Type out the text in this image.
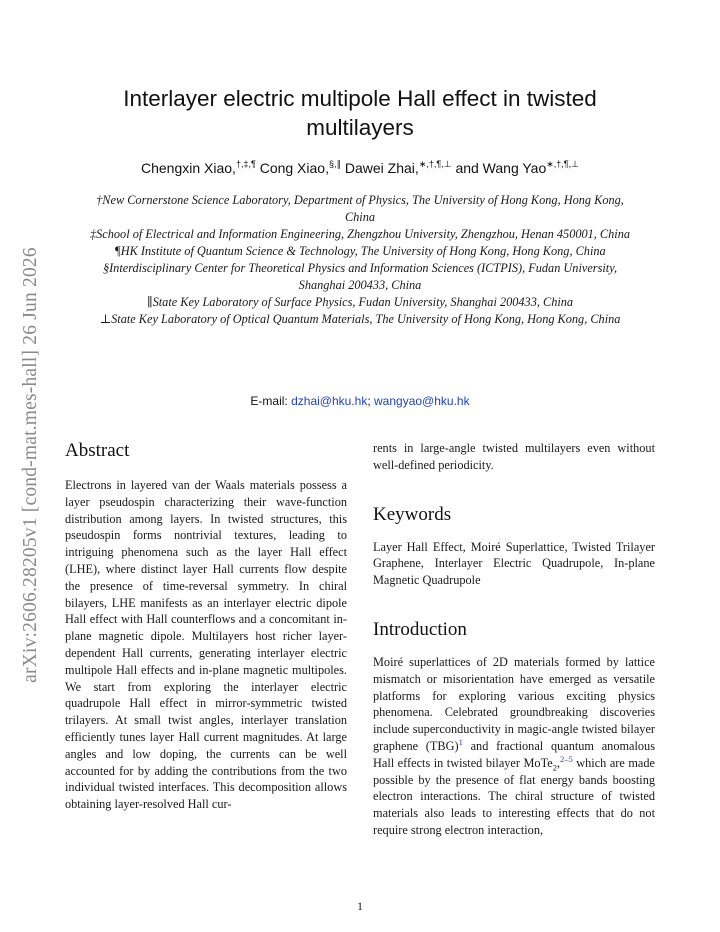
arXiv:2606.28205v1 [cond-mat.mes-hall] 26 Jun 2026
Interlayer electric multipole Hall effect in twisted multilayers
Chengxin Xiao,†,‡,¶ Cong Xiao,§,∥ Dawei Zhai,∗,†,¶,⊥ and Wang Yao∗,†,¶,⊥

†New Cornerstone Science Laboratory, Department of Physics, The University of Hong Kong, Hong Kong, China

‡School of Electrical and Information Engineering, Zhengzhou University, Zhengzhou, Henan 450001, China

¶HK Institute of Quantum Science & Technology, The University of Hong Kong, Hong Kong, China

§Interdisciplinary Center for Theoretical Physics and Information Sciences (ICTPIS), Fudan University, Shanghai 200433, China

∥State Key Laboratory of Surface Physics, Fudan University, Shanghai 200433, China

⊥State Key Laboratory of Optical Quantum Materials, The University of Hong Kong, Hong Kong, China

E-mail: dzhai@hku.hk; wangyao@hku.hk
Abstract

Electrons in layered van der Waals materials possess a layer pseudospin characterizing their wave-function distribution among layers. In twisted structures, this pseudospin forms nontrivial textures, leading to intriguing phenomena such as the layer Hall effect (LHE), where distinct layer Hall currents flow despite the presence of time-reversal symmetry. In chiral bilayers, LHE manifests as an interlayer electric dipole Hall effect with Hall counterflows and a concomitant in-plane magnetic dipole. Multilayers host richer layer-dependent Hall currents, generating interlayer electric multipole Hall effects and in-plane magnetic multipoles. We start from exploring the interlayer electric quadrupole Hall effect in mirror-symmetric twisted trilayers. At small twist angles, interlayer translation efficiently tunes layer Hall current magnitudes. At large angles and low doping, the currents can be well accounted for by adding the contributions from the two individual twisted interfaces. This decomposition allows obtaining layer-resolved Hall cur-

rents in large-angle twisted multilayers even without well-defined periodicity.

Keywords

Layer Hall Effect, Moiré Superlattice, Twisted Trilayer Graphene, Interlayer Electric Quadrupole, In-plane Magnetic Quadrupole

Introduction

Moiré superlattices of 2D materials formed by lattice mismatch or misorientation have emerged as versatile platforms for exploring various exciting physics phenomena. Celebrated groundbreaking discoveries include superconductivity in magic-angle twisted bilayer graphene (TBG)$^1$ and fractional quantum anomalous Hall effects in twisted bilayer MoTe$_2$,$^{2-5}$ which are made possible by the presence of flat energy bands boosting electron interactions. The chiral structure of twisted materials also leads to interesting effects that do not require strong electron interaction,

1
